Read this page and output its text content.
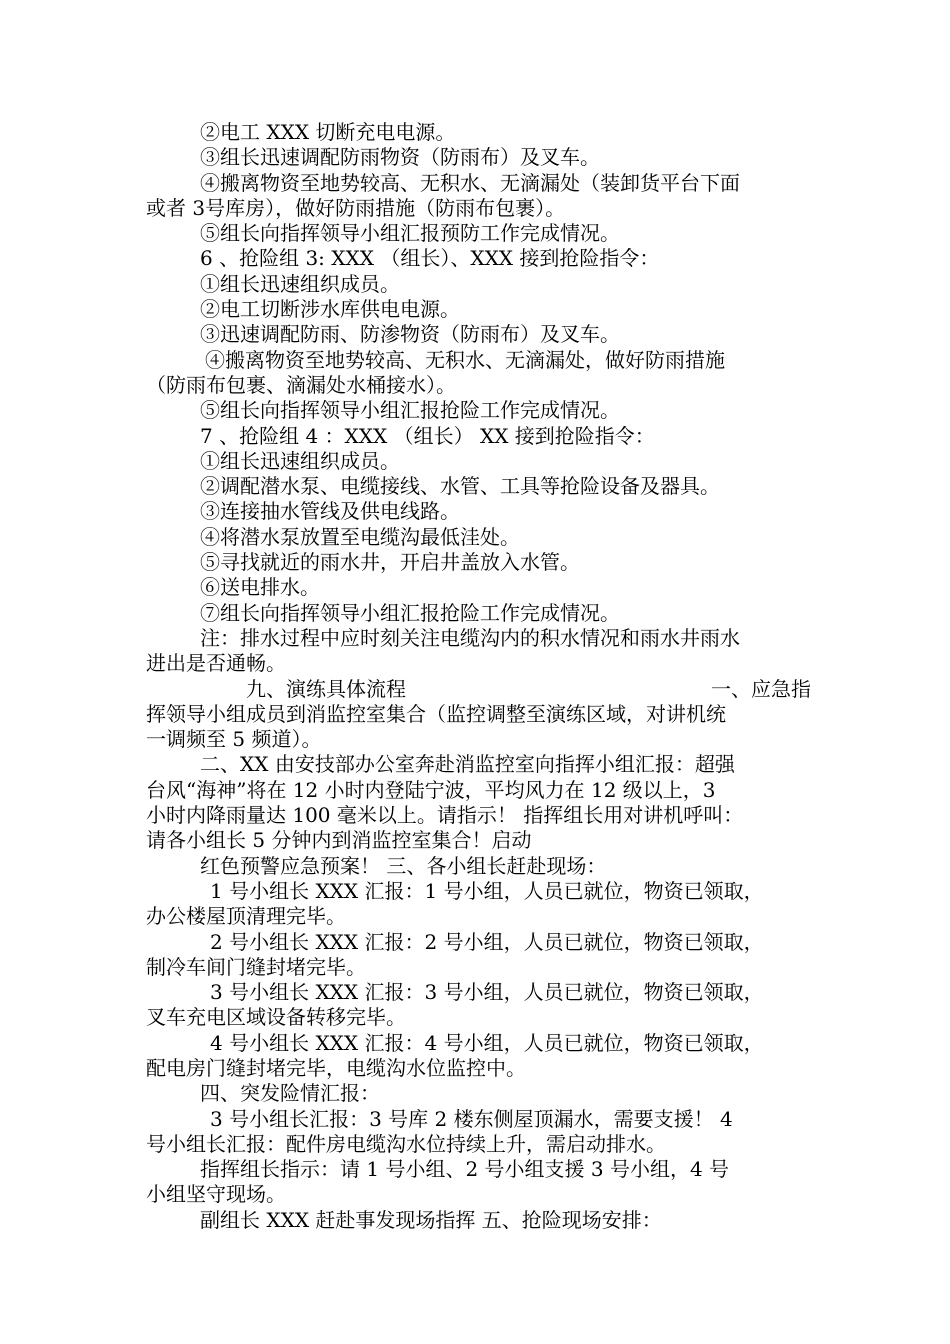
②电工 XXX 切断充电电源。
③组长迅速调配防雨物资（防雨布）及叉车。
④搬离物资至地势较高、无积水、无滴漏处（装卸货平台下面
或者 3号库房），做好防雨措施（防雨布包裹）。
⑤组长向指挥领导小组汇报预防工作完成情况。
6 、抢险组 3: XXX （组长）、XXX 接到抢险指令：
①组长迅速组织成员。
②电工切断涉水库供电电源。
③迅速调配防雨、防渗物资（防雨布）及叉车。
④搬离物资至地势较高、无积水、无滴漏处，做好防雨措施
（防雨布包裹、滴漏处水桶接水）。
⑤组长向指挥领导小组汇报抢险工作完成情况。
7 、抢险组 4 ：XXX （组长） XX 接到抢险指令：
①组长迅速组织成员。
②调配潜水泵、电缆接线、水管、工具等抢险设备及器具。
③连接抽水管线及供电线路。
④将潜水泵放置至电缆沟最低洼处。
⑤寻找就近的雨水井，开启井盖放入水管。
⑥送电排水。
⑦组长向指挥领导小组汇报抢险工作完成情况。
注：排水过程中应时刻关注电缆沟内的积水情况和雨水井雨水
进出是否通畅。
九、演练具体流程	一、应急指
挥领导小组成员到消监控室集合（监控调整至演练区域，对讲机统
一调频至 5 频道）。
二、XX 由安技部办公室奔赴消监控室向指挥小组汇报：超强
台风“海神”将在 12 小时内登陆宁波，平均风力在 12 级以上，3
小时内降雨量达 100 毫米以上。请指示！ 指挥组长用对讲机呼叫：
请各小组长 5 分钟内到消监控室集合！启动
红色预警应急预案！ 三、各小组长赶赴现场：
1 号小组长 XXX 汇报：1 号小组，人员已就位，物资已领取，
办公楼屋顶清理完毕。
2 号小组长 XXX 汇报：2 号小组，人员已就位，物资已领取，
制冷车间门缝封堵完毕。
3 号小组长 XXX 汇报：3 号小组，人员已就位，物资已领取，
叉车充电区域设备转移完毕。
4 号小组长 XXX 汇报：4 号小组，人员已就位，物资已领取，
配电房门缝封堵完毕，电缆沟水位监控中。
四、突发险情汇报：
3 号小组长汇报：3 号库 2 楼东侧屋顶漏水，需要支援！ 4
号小组长汇报：配件房电缆沟水位持续上升，需启动排水。
指挥组长指示：请 1 号小组、2 号小组支援 3 号小组，4 号
小组坚守现场。
副组长 XXX 赶赴事发现场指挥 五、抢险现场安排：
